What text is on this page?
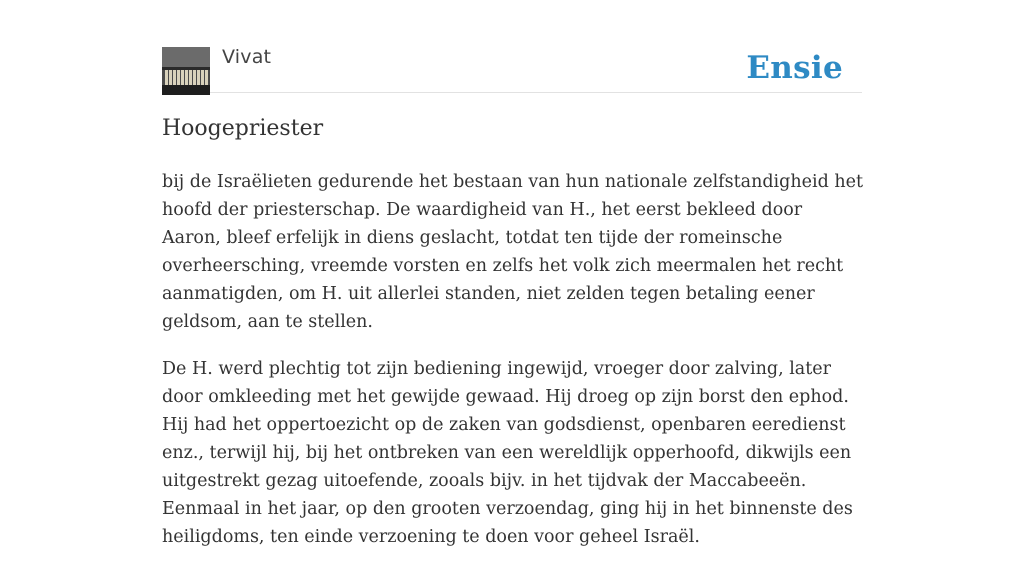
Vivat	Ensie
Hoogepriester

bij de Israëlieten gedurende het bestaan van hun nationale zelfstandigheid het hoofd der priesterschap. De waardigheid van H., het eerst bekleed door Aaron, bleef erfelijk in diens geslacht, totdat ten tijde der romeinsche overheersching, vreemde vorsten en zelfs het volk zich meermalen het recht aanmatigden, om H. uit allerlei standen, niet zelden tegen betaling eener geldsom, aan te stellen.

De H. werd plechtig tot zijn bediening ingewijd, vroeger door zalving, later door omkleeding met het gewijde gewaad. Hij droeg op zijn borst den ephod. Hij had het oppertoezicht op de zaken van godsdienst, openbaren eeredienst enz., terwijl hij, bij het ontbreken van een wereldlijk opperhoofd, dikwijls een uitgestrekt gezag uitoefende, zooals bijv. in het tijdvak der Maccabeeën. Eenmaal in het jaar, op den grooten verzoendag, ging hij in het binnenste des heiligdoms, ten einde verzoening te doen voor geheel Israël.
